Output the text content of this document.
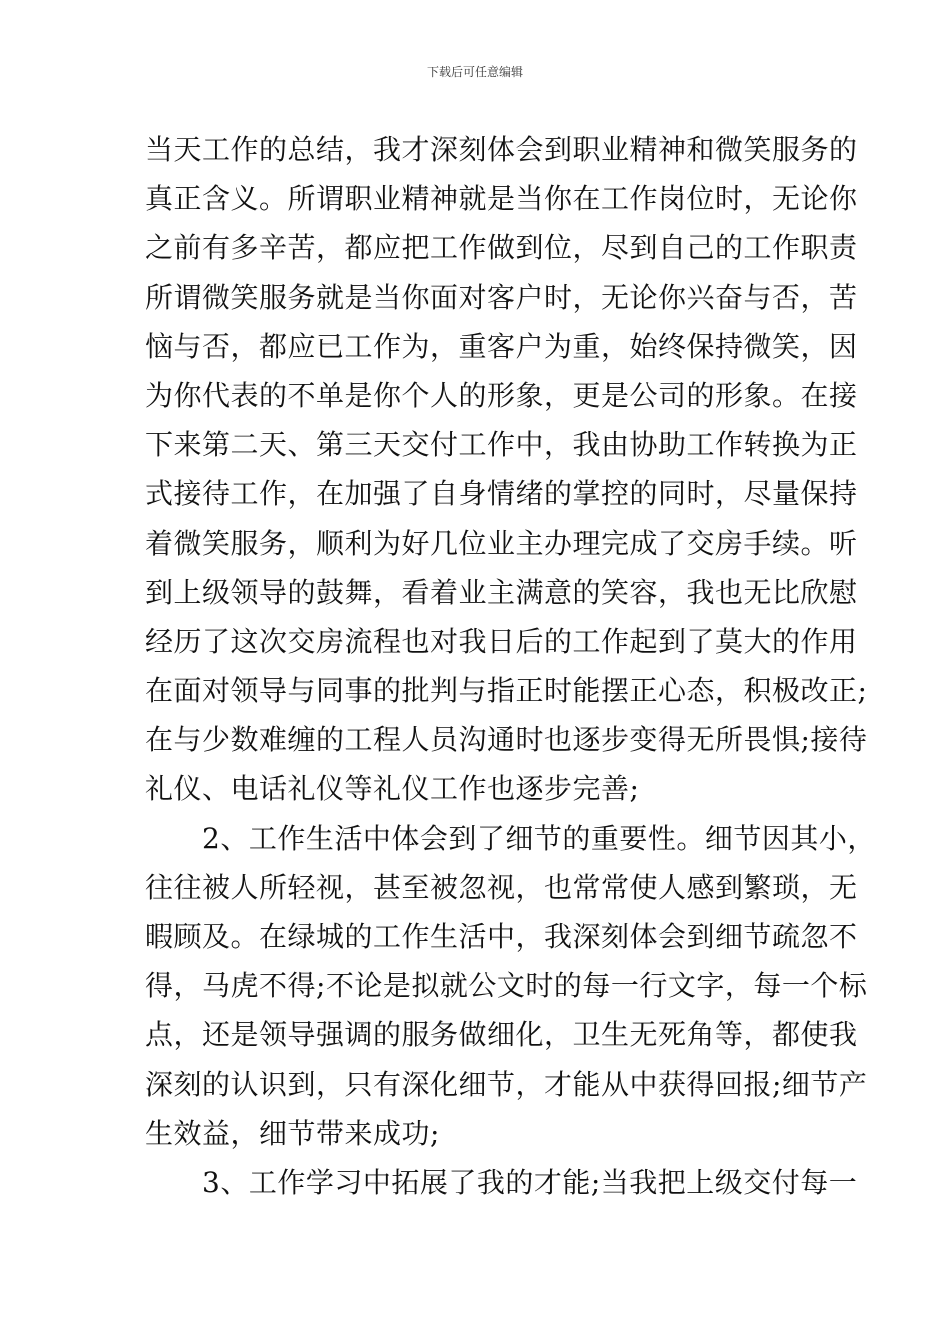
下载后可任意编辑
当天工作的总结，我才深刻体会到职业精神和微笑服务的
真正含义。所谓职业精神就是当你在工作岗位时，无论你
之前有多辛苦，都应把工作做到位，尽到自己的工作职责
所谓微笑服务就是当你面对客户时，无论你兴奋与否，苦
恼与否，都应已工作为，重客户为重，始终保持微笑，因
为你代表的不单是你个人的形象，更是公司的形象。在接
下来第二天、第三天交付工作中，我由协助工作转换为正
式接待工作，在加强了自身情绪的掌控的同时，尽量保持
着微笑服务，顺利为好几位业主办理完成了交房手续。听
到上级领导的鼓舞，看着业主满意的笑容，我也无比欣慰
经历了这次交房流程也对我日后的工作起到了莫大的作用
在面对领导与同事的批判与指正时能摆正心态，积极改正;
在与少数难缠的工程人员沟通时也逐步变得无所畏惧;接待
礼仪、电话礼仪等礼仪工作也逐步完善;
　　2、工作生活中体会到了细节的重要性。细节因其小，
往往被人所轻视，甚至被忽视，也常常使人感到繁琐，无
暇顾及。在绿城的工作生活中，我深刻体会到细节疏忽不
得，马虎不得;不论是拟就公文时的每一行文字，每一个标
点，还是领导强调的服务做细化，卫生无死角等，都使我
深刻的认识到，只有深化细节，才能从中获得回报;细节产
生效益，细节带来成功;
　　3、工作学习中拓展了我的才能;当我把上级交付每一
